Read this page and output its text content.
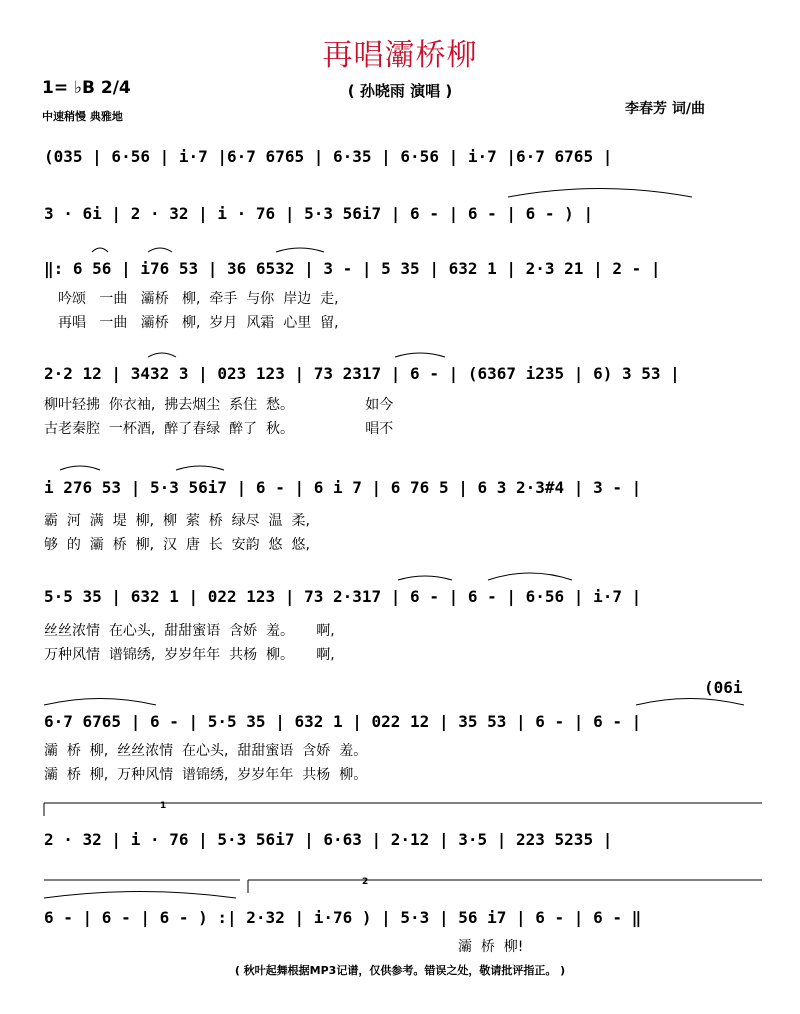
再唱灞桥柳
( 孙晓雨 演唱 )
1= ♭B 2/4
中速稍慢 典雅地	李春芳 词/曲
(035 | 6·56 | i·7 |6·7 6765 | 6·35 | 6·56 | i·7 |6·7 6765 |
3 · 6i | 2 · 32 | i · 76 | 5·3 56i7 | 6 - | 6 - | 6 - ) |
‖: 6 56 | i76 53 | 36 6532 | 3 - | 5 35 | 632 1 | 2·3 21 | 2 - |
吟颂   一曲   灞桥   柳,  牵手  与你  岸边  走,
再唱   一曲   灞桥   柳,  岁月  风霜  心里  留,
2·2 12 | 3432 3 | 023 123 | 73 2317 | 6 - | (6367 i235 | 6) 3 53 |
柳叶轻拂  你衣袖,  拂去烟尘  系住  愁。                如今
古老秦腔  一杯酒,  醉了春绿  醉了  秋。                唱不
i 276 53 | 5·3 56i7 | 6 - | 6 i 7 | 6 76 5 | 6 3 2·3#4 | 3 - |
霸  河  满  堤  柳,  柳  萦  桥  绿尽  温  柔,
够  的  灞  桥  柳,  汉  唐  长  安韵  悠  悠,
5·5 35 | 632 1 | 022 123 | 73 2·317 | 6 - | 6 - | 6·56 | i·7 |
丝丝浓情  在心头,  甜甜蜜语  含娇  羞。     啊,
万种风情  谱锦绣,  岁岁年年  共杨  柳。     啊,
(06i
6·7 6765 | 6 - | 5·5 35 | 632 1 | 022 12 | 35 53 | 6 - | 6 - |
灞  桥  柳,  丝丝浓情  在心头,  甜甜蜜语  含娇  羞。
灞  桥  柳,  万种风情  谱锦绣,  岁岁年年  共杨  柳。
2 · 32 | i · 76 | 5·3 56i7 | 6·63 | 2·12 | 3·5 | 223 5235 |
6 - | 6 - | 6 - ) :| 2·32 | i·76 ) | 5·3 | 56 i7 | 6 - | 6 - ‖
灞  桥  柳!
1
2
( 秋叶起舞根据MP3记谱，仅供参考。错误之处，敬请批评指正。 )
